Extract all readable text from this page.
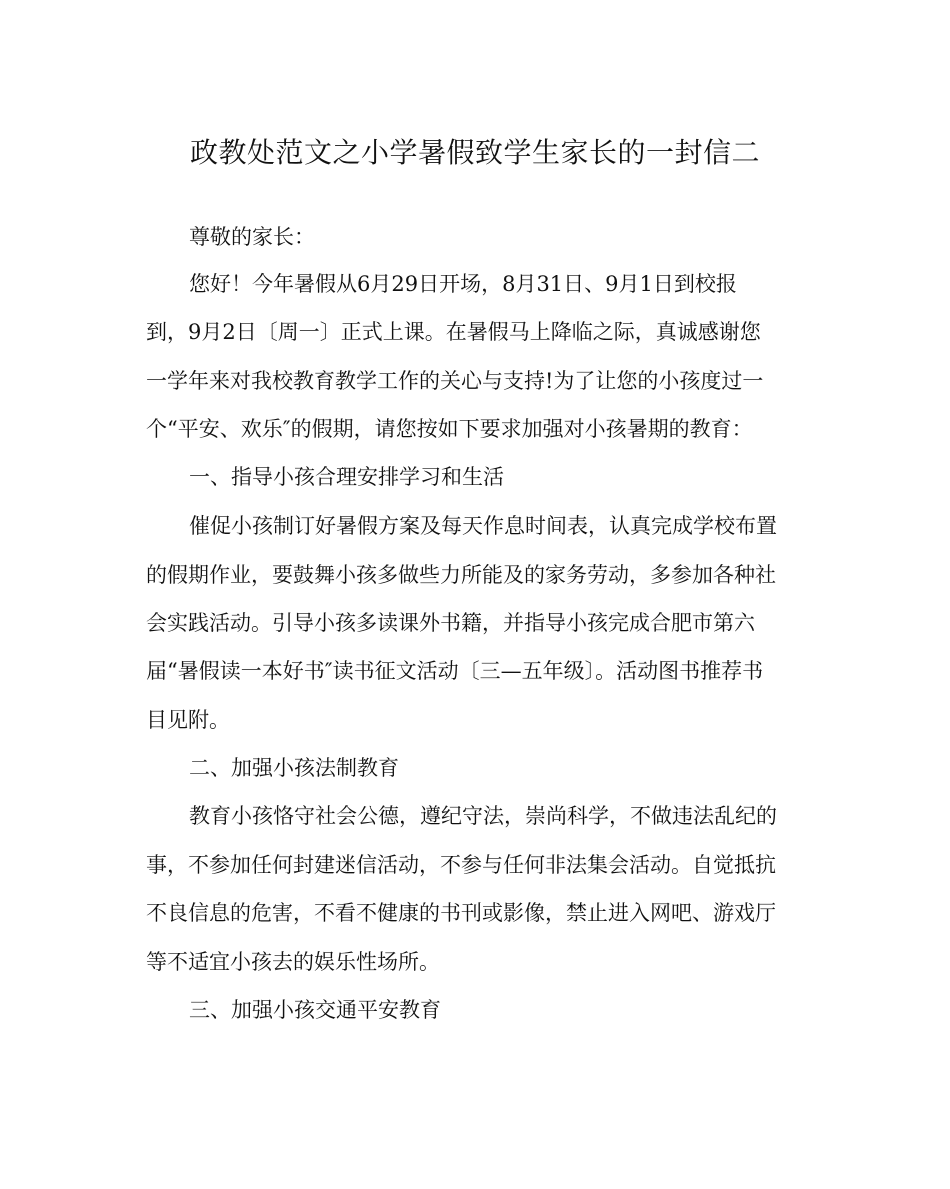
政教处范文之小学暑假致学生家长的一封信二

尊敬的家长：

您好！今年暑假从6月29日开场，8月31日、9月1日到校报

到，9月2日〔周一〕正式上课。在暑假马上降临之际，真诚感谢您

一学年来对我校教育教学工作的关心与支持!为了让您的小孩度过一

个“平安、欢乐″的假期，请您按如下要求加强对小孩暑期的教育：

一、指导小孩合理安排学习和生活

催促小孩制订好暑假方案及每天作息时间表，认真完成学校布置

的假期作业，要鼓舞小孩多做些力所能及的家务劳动，多参加各种社

会实践活动。引导小孩多读课外书籍，并指导小孩完成合肥市第六

届“暑假读一本好书″读书征文活动〔三—五年级〕。活动图书推荐书

目见附。

二、加强小孩法制教育

教育小孩恪守社会公德，遵纪守法，崇尚科学，不做违法乱纪的

事，不参加任何封建迷信活动，不参与任何非法集会活动。自觉抵抗

不良信息的危害，不看不健康的书刊或影像，禁止进入网吧、游戏厅

等不适宜小孩去的娱乐性场所。

三、加强小孩交通平安教育
